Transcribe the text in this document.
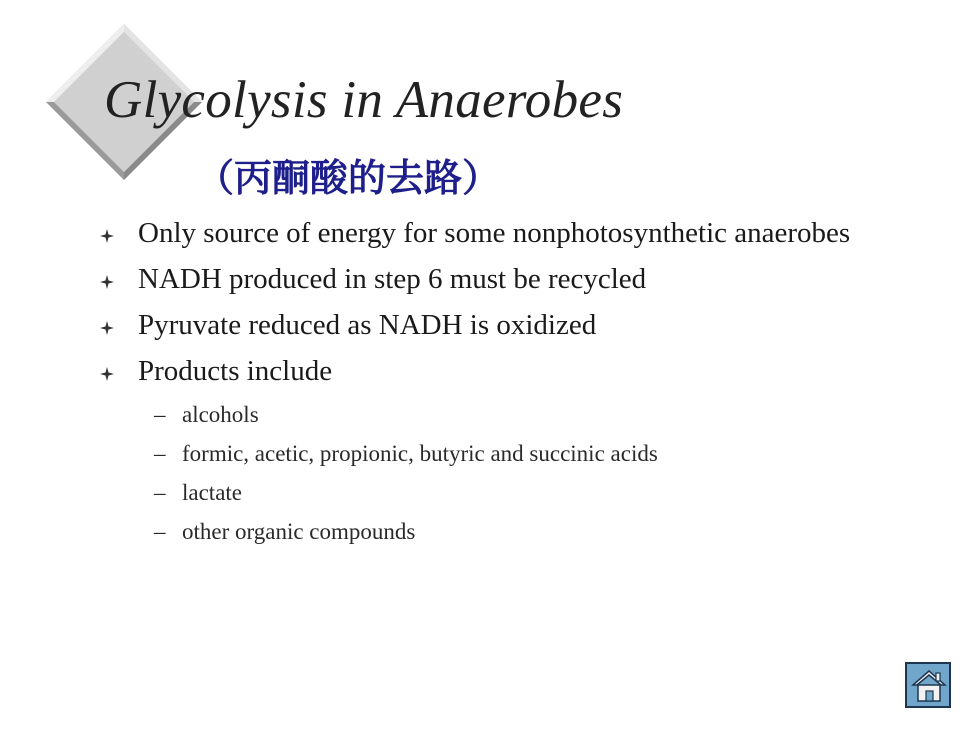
Glycolysis in Anaerobes
（丙酮酸的去路）
Only source of energy for some nonphotosynthetic anaerobes
NADH produced in step 6 must be recycled
Pyruvate reduced as NADH is oxidized
Products include
– alcohols
– formic, acetic, propionic, butyric and succinic acids
– lactate
– other organic compounds
